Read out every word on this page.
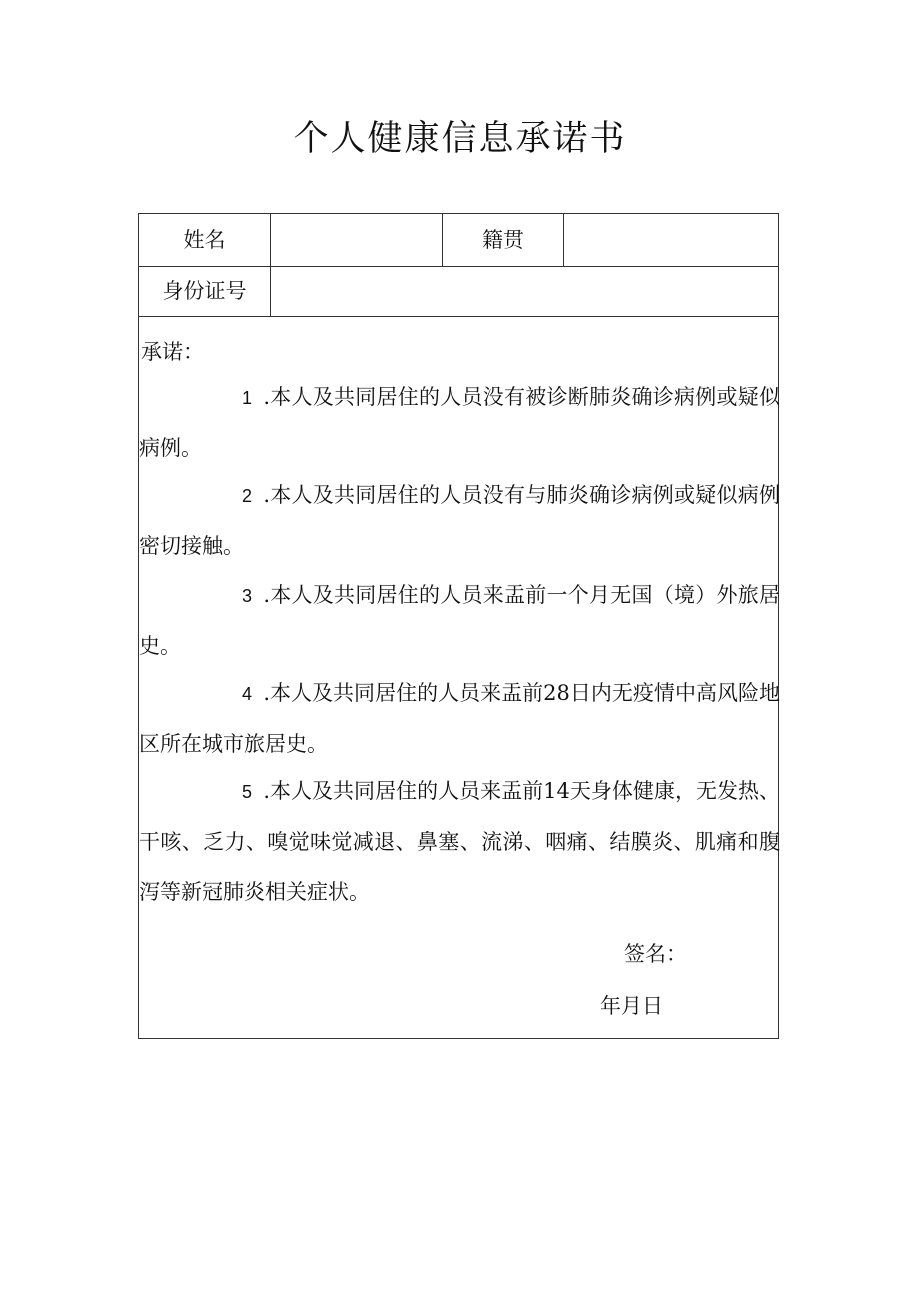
个人健康信息承诺书
姓名	籍贯
身份证号
承诺：
1 .本人及共同居住的人员没有被诊断肺炎确诊病例或疑似病例。
2 .本人及共同居住的人员没有与肺炎确诊病例或疑似病例密切接触。
3 .本人及共同居住的人员来盂前一个月无国（境）外旅居史。
4 .本人及共同居住的人员来盂前28日内无疫情中高风险地区所在城市旅居史。
5 .本人及共同居住的人员来盂前14天身体健康，无发热、干咳、乏力、嗅觉味觉减退、鼻塞、流涕、咽痛、结膜炎、肌痛和腹泻等新冠肺炎相关症状。
签名：
年月日
